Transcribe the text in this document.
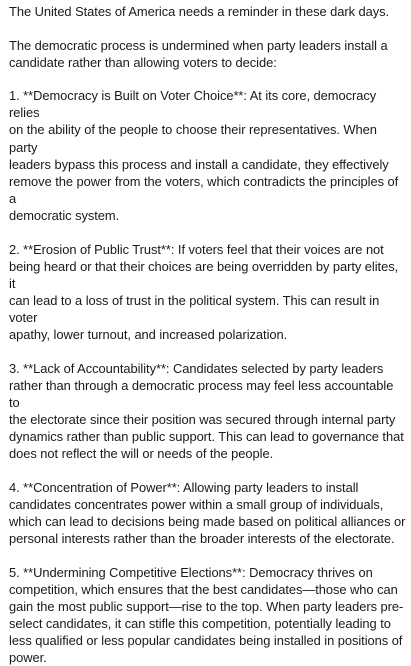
The United States of America needs a reminder in these dark days.

The democratic process is undermined when party leaders install a
candidate rather than allowing voters to decide:

1. **Democracy is Built on Voter Choice**: At its core, democracy relies
on the ability of the people to choose their representatives. When party
leaders bypass this process and install a candidate, they effectively
remove the power from the voters, which contradicts the principles of a
democratic system.

2. **Erosion of Public Trust**: If voters feel that their voices are not
being heard or that their choices are being overridden by party elites, it
can lead to a loss of trust in the political system. This can result in voter
apathy, lower turnout, and increased polarization.

3. **Lack of Accountability**: Candidates selected by party leaders
rather than through a democratic process may feel less accountable to
the electorate since their position was secured through internal party
dynamics rather than public support. This can lead to governance that
does not reflect the will or needs of the people.

4. **Concentration of Power**: Allowing party leaders to install
candidates concentrates power within a small group of individuals,
which can lead to decisions being made based on political alliances or
personal interests rather than the broader interests of the electorate.

5. **Undermining Competitive Elections**: Democracy thrives on
competition, which ensures that the best candidates—those who can
gain the most public support—rise to the top. When party leaders pre-
select candidates, it can stifle this competition, potentially leading to
less qualified or less popular candidates being installed in positions of
power.
